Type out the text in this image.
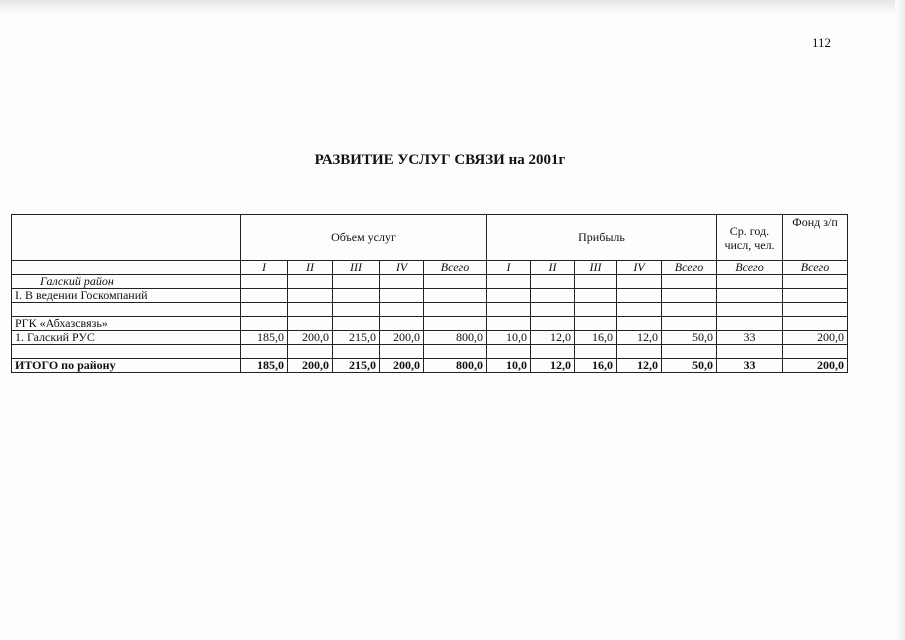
112
РАЗВИТИЕ УСЛУГ СВЯЗИ на 2001г
	Объем услуг					Прибыль					Ср. год. числ, чел.	Фонд з/п
	I	II	III	IV	Всего	I	II	III	IV	Всего	Всего	Всего
Галский район												
I. В ведении Госкомпаний												

РГК «Абхазсвязь»												
1. Галский РУС	185,0	200,0	215,0	200,0	800,0	10,0	12,0	16,0	12,0	50,0	33	200,0

ИТОГО по району	185,0	200,0	215,0	200,0	800,0	10,0	12,0	16,0	12,0	50,0	33	200,0
